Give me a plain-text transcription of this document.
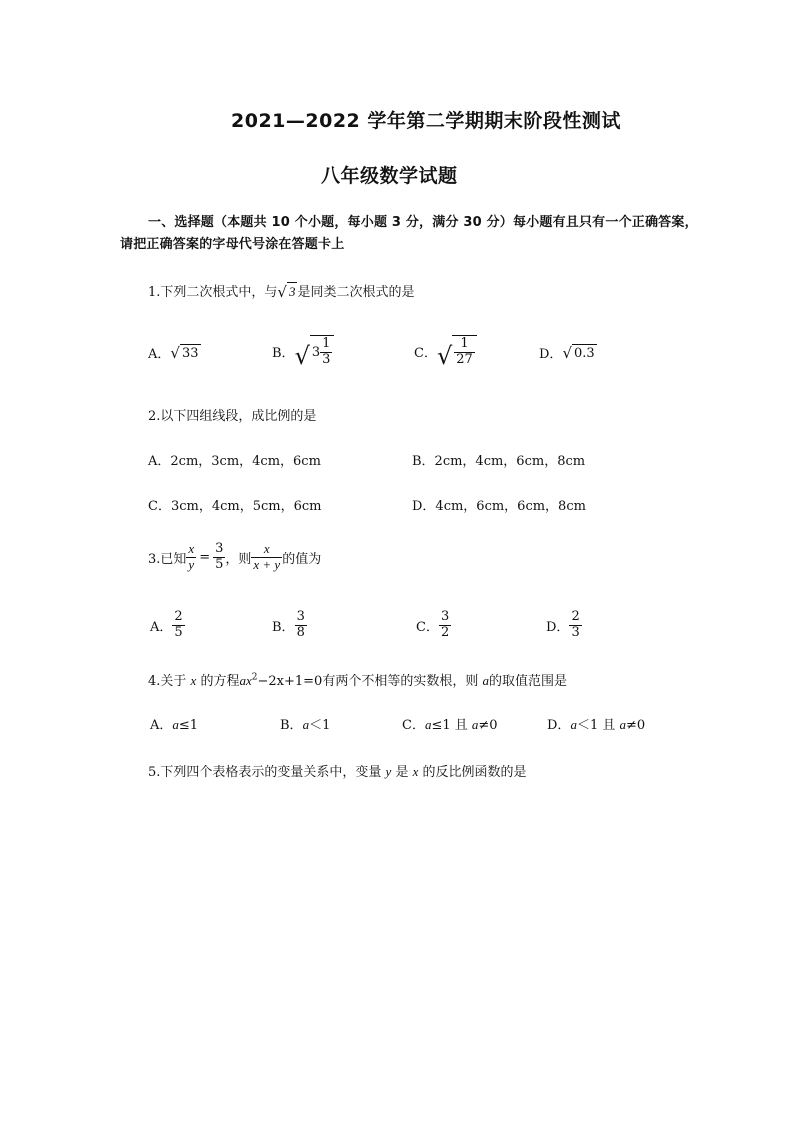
2021—2022 学年第二学期期末阶段性测试
八年级数学试题
一、选择题（本题共 10 个小题，每小题 3 分，满分 30 分）每小题有且只有一个正确答案，
请把正确答案的字母代号涂在答题卡上
1.下列二次根式中，与 √ 3 是同类二次根式的是
A． √ 33	B． √ $3 \frac{1}{3}$	C． √ $\frac{1}{27}$	D． √ 0.3
2.以下四组线段，成比例的是
A．2cm，3cm，4cm，6cm	B．2cm，4cm，6cm，8cm
C．3cm，4cm，5cm，6cm	D．4cm，6cm，6cm，8cm
3.已知 $\frac{x}{y} = \frac{3}{5}$ ，则 $\frac{x}{x + y}$ 的值为
A． $\frac{2}{5}$	B． $\frac{3}{8}$	C． $\frac{3}{2}$	D． $\frac{2}{3}$
4.关于 x 的方程$ax^2-2x+1=0$有两个不相等的实数根，则 a的取值范围是
A．a≤1	B．a＜1	C．a≤1 且 a≠0	D．a＜1 且 a≠0
5.下列四个表格表示的变量关系中，变量 y 是 x 的反比例函数的是
